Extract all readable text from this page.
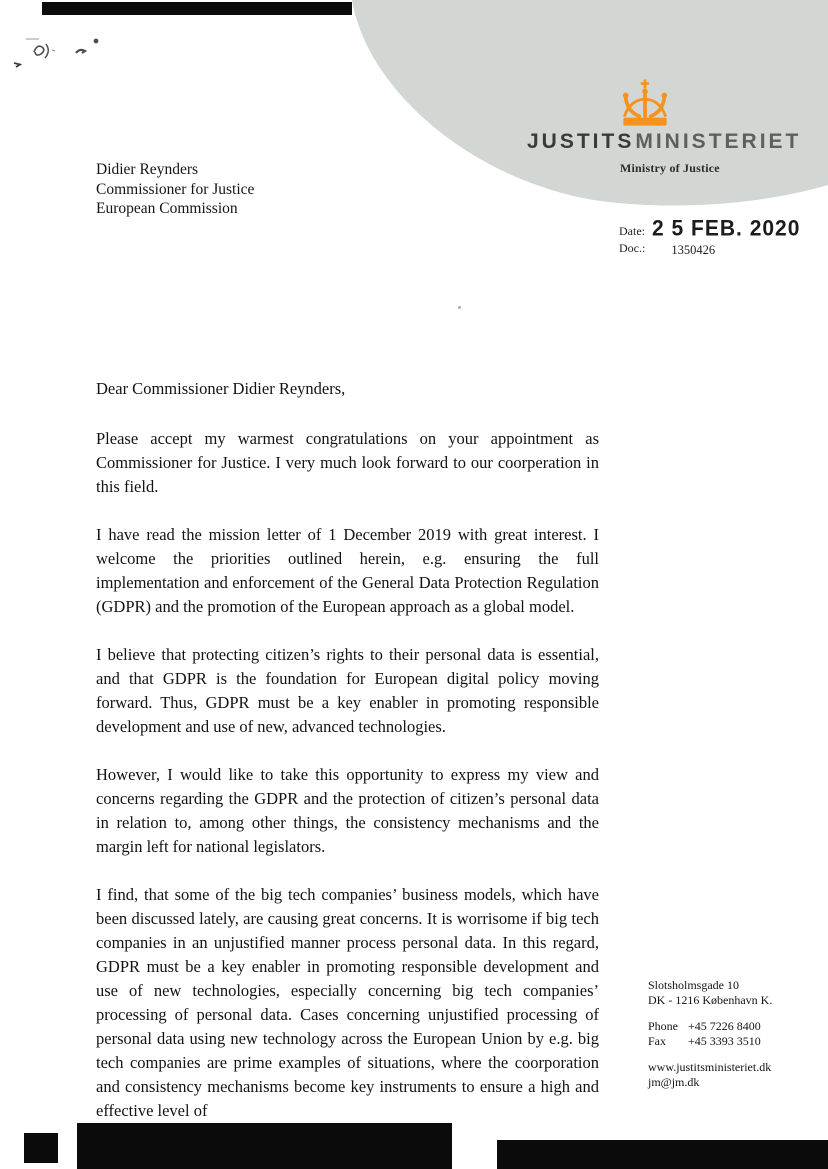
JUSTITSMINISTERIET
Ministry of Justice
Date: 2 5 FEB. 2020
Doc.: 1350426
Didier Reynders
Commissioner for Justice
European Commission

Dear Commissioner Didier Reynders,

Please accept my warmest congratulations on your appointment as Commissioner for Justice. I very much look forward to our coorperation in this field.

I have read the mission letter of 1 December 2019 with great interest. I welcome the priorities outlined herein, e.g. ensuring the full implementation and enforcement of the General Data Protection Regulation (GDPR) and the promotion of the European approach as a global model.

I believe that protecting citizen’s rights to their personal data is essential, and that GDPR is the foundation for European digital policy moving forward. Thus, GDPR must be a key enabler in promoting responsible development and use of new, advanced technologies.

However, I would like to take this opportunity to express my view and concerns regarding the GDPR and the protection of citizen’s personal data in relation to, among other things, the consistency mechanisms and the margin left for national legislators.

I find, that some of the big tech companies’ business models, which have been discussed lately, are causing great concerns. It is worrisome if big tech companies in an unjustified manner process personal data. In this regard, GDPR must be a key enabler in promoting responsible development and use of new technologies, especially concerning big tech companies’ processing of personal data. Cases concerning unjustified processing of personal data using new technology across the European Union by e.g. big tech companies are prime examples of situations, where the coorporation and consistency mechanisms become key instruments to ensure a high and effective level of

Slotsholmsgade 10
DK - 1216 København K.
Phone +45 7226 8400
Fax	+45 3393 3510
www.justitsministeriet.dk
jm@jm.dk
